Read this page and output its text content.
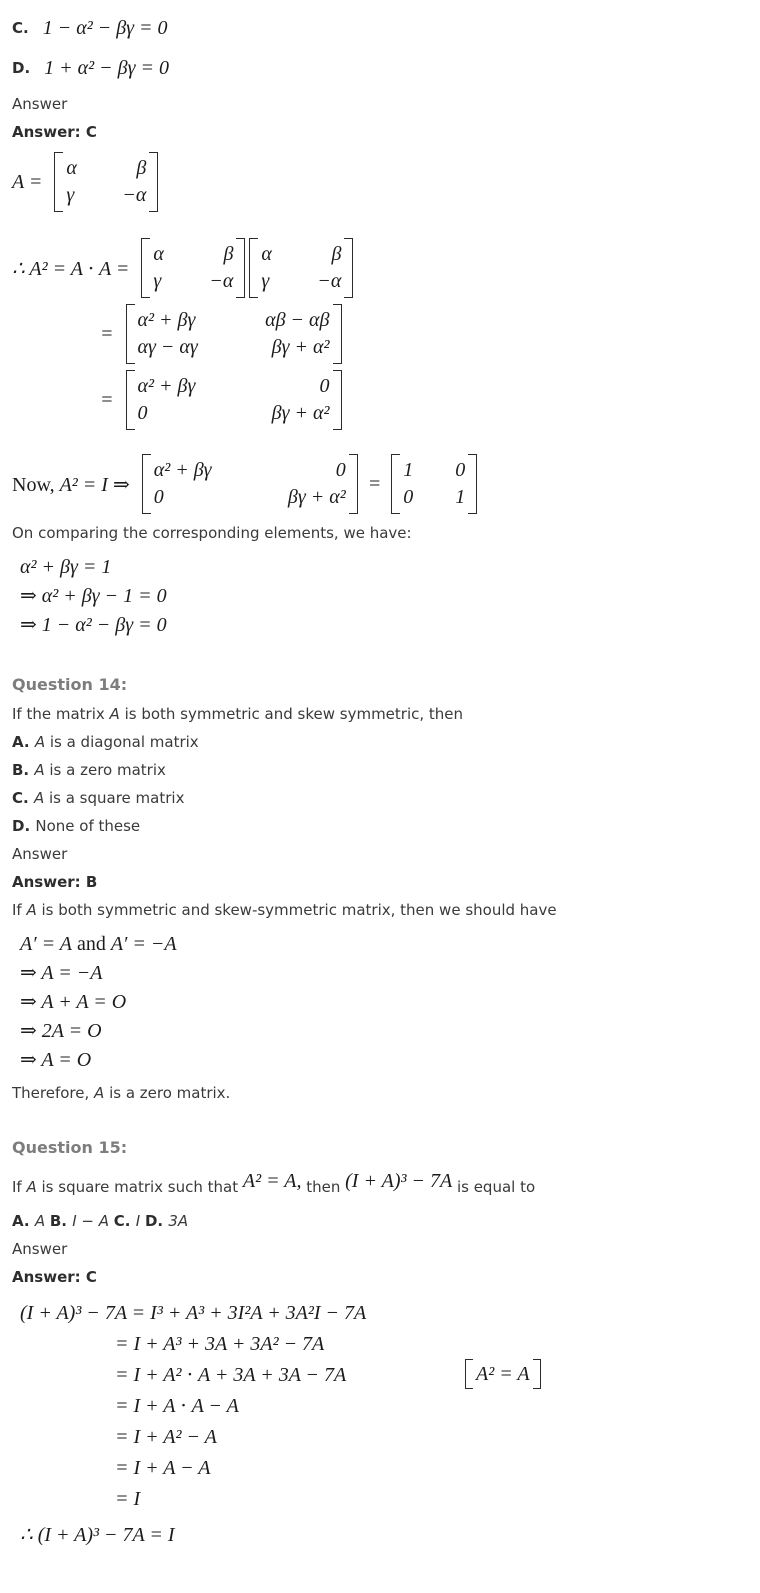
C. 1 − α² − βγ = 0
D. 1 + α² − βγ = 0

Answer

Answer: C

A =
α	β
γ −α
∴ A² = A ⋅ A =
α	β
γ −α
α	β
γ −α
=
α² + βγ	αβ − αβ
αγ − αγ	βγ + α²
=
α² + βγ	0
0	βγ + α²
Now, A² = I ⇒
α² + βγ	0
0	βγ + α²
=
1 0
0 1

On comparing the corresponding elements, we have:

α² + βγ = 1
⇒ α² + βγ − 1 = 0
⇒ 1 − α² − βγ = 0
Question 14:

If the matrix A is both symmetric and skew symmetric, then

A. A is a diagonal matrix

B. A is a zero matrix

C. A is a square matrix

D. None of these

Answer

Answer: B

If A is both symmetric and skew-symmetric matrix, then we should have

A′ = A and A′ = −A
⇒ A = −A
⇒ A + A = O
⇒ 2A = O
⇒ A = O

Therefore, A is a zero matrix.

Question 15:

If A is square matrix such that A² = A, then (I + A)³ − 7A is equal to

A. A B. I − A C. I D. 3A

Answer

Answer: C

(I + A)³ − 7A = I³ + A³ + 3I²A + 3A²I − 7A
= I + A³ + 3A + 3A² − 7A
= I + A² ⋅ A + 3A + 3A − 7A	A² = A
= I + A ⋅ A − A
= I + A² − A
= I + A − A
= I
∴ (I + A)³ − 7A = I
